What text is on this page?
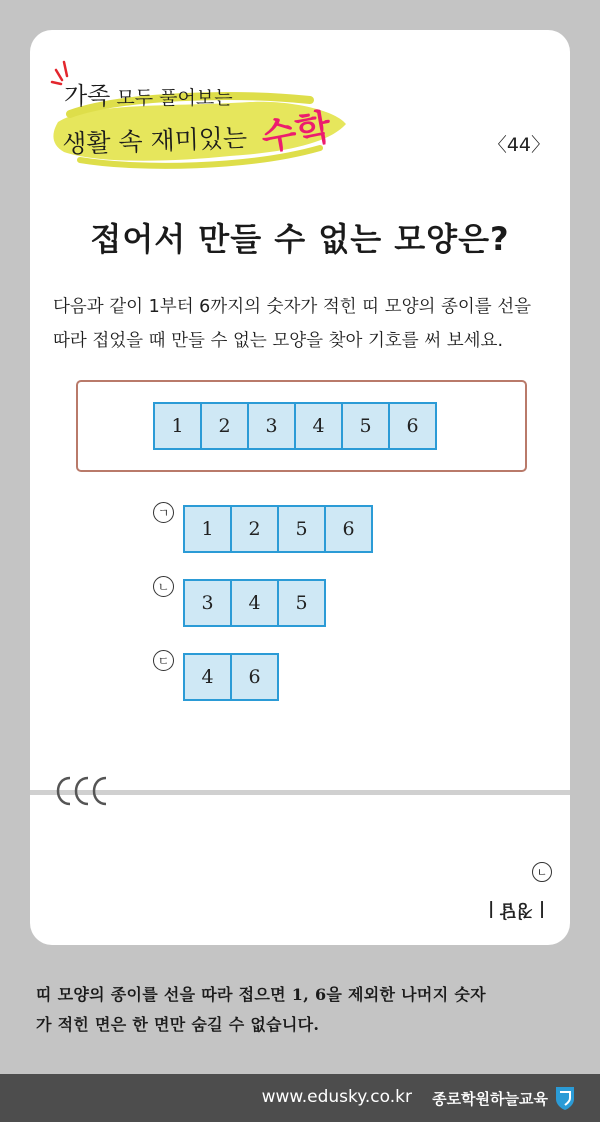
가족 모두 풀어보는
생활 속 재미있는 수학	〈44〉
접어서 만들 수 없는 모양은?
다음과 같이 1부터 6까지의 숫자가 적힌 띠 모양의 종이를 선을
따라 접었을 때 만들 수 없는 모양을 찾아 기호를 써 보세요.
1	2	3	4	5	6
ㄱ
1	2	5	6
ㄴ
3	4	5
ㄷ
4	6
ㄱ
| 정답 |
띠 모양의 종이를 선을 따라 접으면 1, 6을 제외한 나머지 숫자
가 적힌 면은 한 면만 숨길 수 없습니다.
www.edusky.co.kr 종로학원하늘교육
